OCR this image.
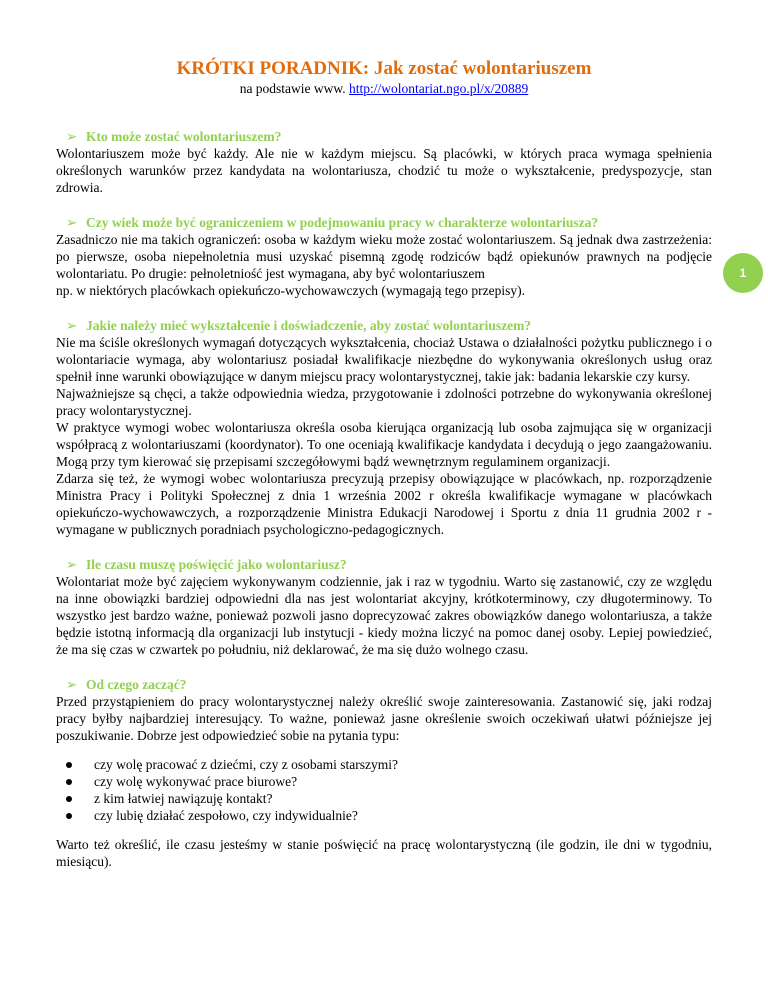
KRÓTKI PORADNIK: Jak zostać wolontariuszem
na podstawie www. http://wolontariat.ngo.pl/x/20889
1
➢ Kto może zostać wolontariuszem?

Wolontariuszem może być każdy. Ale nie w każdym miejscu. Są placówki, w których praca wymaga spełnienia określonych warunków przez kandydata na wolontariusza, chodzić tu może o wykształcenie, predyspozycje, stan zdrowia.

➢ Czy wiek może być ograniczeniem w podejmowaniu pracy w charakterze wolontariusza?

Zasadniczo nie ma takich ograniczeń: osoba w każdym wieku może zostać wolontariuszem. Są jednak dwa zastrzeżenia: po pierwsze, osoba niepełnoletnia musi uzyskać pisemną zgodę rodziców bądź opiekunów prawnych na podjęcie wolontariatu. Po drugie: pełnoletniość jest wymagana, aby być wolontariuszem

np. w niektórych placówkach opiekuńczo-wychowawczych (wymagają tego przepisy).

➢ Jakie należy mieć wykształcenie i doświadczenie, aby zostać wolontariuszem?

Nie ma ściśle określonych wymagań dotyczących wykształcenia, chociaż Ustawa o działalności pożytku publicznego i o wolontariacie wymaga, aby wolontariusz posiadał kwalifikacje niezbędne do wykonywania określonych usług oraz spełnił inne warunki obowiązujące w danym miejscu pracy wolontarystycznej, takie jak: badania lekarskie czy kursy.

Najważniejsze są chęci, a także odpowiednia wiedza, przygotowanie i zdolności potrzebne do wykonywania określonej pracy wolontarystycznej.

W praktyce wymogi wobec wolontariusza określa osoba kierująca organizacją lub osoba zajmująca się w organizacji współpracą z wolontariuszami (koordynator). To one oceniają kwalifikacje kandydata i decydują o jego zaangażowaniu. Mogą przy tym kierować się przepisami szczegółowymi bądź wewnętrznym regulaminem organizacji.

Zdarza się też, że wymogi wobec wolontariusza precyzują przepisy obowiązujące w placówkach, np. rozporządzenie Ministra Pracy i Polityki Społecznej z dnia 1 września 2002 r określa kwalifikacje wymagane w placówkach opiekuńczo-wychowawczych, a rozporządzenie Ministra Edukacji Narodowej i Sportu z dnia 11 grudnia 2002 r - wymagane w publicznych poradniach psychologiczno-pedagogicznych.

➢ Ile czasu muszę poświęcić jako wolontariusz?

Wolontariat może być zajęciem wykonywanym codziennie, jak i raz w tygodniu. Warto się zastanowić, czy ze względu na inne obowiązki bardziej odpowiedni dla nas jest wolontariat akcyjny, krótkoterminowy, czy długoterminowy. To wszystko jest bardzo ważne, ponieważ pozwoli jasno doprecyzować zakres obowiązków danego wolontariusza, a także będzie istotną informacją dla organizacji lub instytucji - kiedy można liczyć na pomoc danej osoby. Lepiej powiedzieć, że ma się czas w czwartek po południu, niż deklarować, że ma się dużo wolnego czasu.

➢ Od czego zacząć?

Przed przystąpieniem do pracy wolontarystycznej należy określić swoje zainteresowania. Zastanowić się, jaki rodzaj pracy byłby najbardziej interesujący. To ważne, ponieważ jasne określenie swoich oczekiwań ułatwi późniejsze jej poszukiwanie. Dobrze jest odpowiedzieć sobie na pytania typu:

czy wolę pracować z dziećmi, czy z osobami starszymi?
czy wolę wykonywać prace biurowe?
z kim łatwiej nawiązuję kontakt?
czy lubię działać zespołowo, czy indywidualnie?

Warto też określić, ile czasu jesteśmy w stanie poświęcić na pracę wolontarystyczną (ile godzin, ile dni w tygodniu, miesiącu).
